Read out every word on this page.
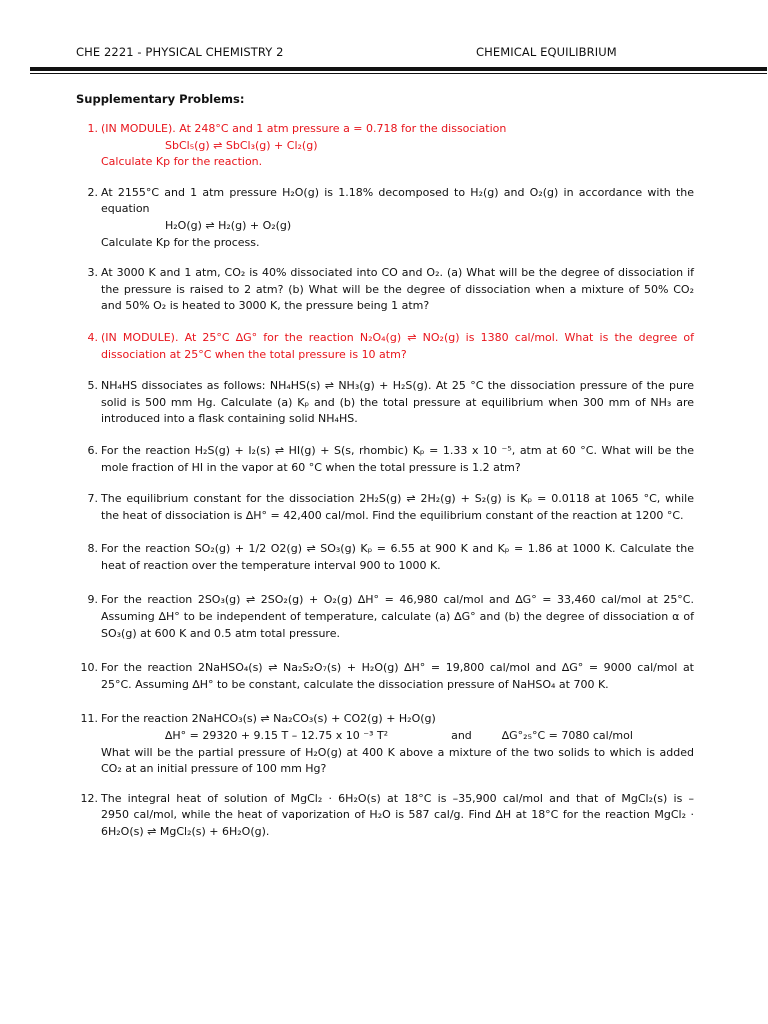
CHE 2221 - PHYSICAL CHEMISTRY 2	CHEMICAL EQUILIBRIUM
Supplementary Problems:
1. (IN MODULE). At 248°C and 1 atm pressure a = 0.718 for the dissociation
SbCl₅(g) ⇌ SbCl₃(g) + Cl₂(g)
Calculate Kp for the reaction.
2. At 2155°C and 1 atm pressure H₂O(g) is 1.18% decomposed to H₂(g) and O₂(g) in accordance with the
equation
H₂O(g) ⇌ H₂(g) + O₂(g)
Calculate Kp for the process.
3. At 3000 K and 1 atm, CO₂ is 40% dissociated into CO and O₂. (a) What will be the degree of dissociation if
the pressure is raised to 2 atm? (b) What will be the degree of dissociation when a mixture of 50% CO₂
and 50% O₂ is heated to 3000 K, the pressure being 1 atm?
4. (IN MODULE). At 25°C ∆G° for the reaction N₂O₄(g) ⇌ NO₂(g) is 1380 cal/mol. What is the degree of
dissociation at 25°C when the total pressure is 10 atm?
5. NH₄HS dissociates as follows: NH₄HS(s) ⇌ NH₃(g) + H₂S(g). At 25 °C the dissociation pressure of the pure
solid is 500 mm Hg. Calculate (a) Kₚ and (b) the total pressure at equilibrium when 300 mm of NH₃ are
introduced into a flask containing solid NH₄HS.
6. For the reaction H₂S(g) + I₂(s) ⇌ HI(g) + S(s, rhombic) Kₚ = 1.33 x 10 ⁻⁵, atm at 60 °C. What will be the
mole fraction of HI in the vapor at 60 °C when the total pressure is 1.2 atm?
7. The equilibrium constant for the dissociation 2H₂S(g) ⇌ 2H₂(g) + S₂(g) is Kₚ = 0.0118 at 1065 °C, while
the heat of dissociation is ∆H° = 42,400 cal/mol. Find the equilibrium constant of the reaction at 1200 °C.
8. For the reaction SO₂(g) + 1/2 O2(g) ⇌ SO₃(g) Kₚ = 6.55 at 900 K and Kₚ = 1.86 at 1000 K. Calculate the
heat of reaction over the temperature interval 900 to 1000 K.
9. For the reaction 2SO₃(g) ⇌ 2SO₂(g) + O₂(g) ∆H° = 46,980 cal/mol and ∆G° = 33,460 cal/mol at 25°C.
Assuming ∆H° to be independent of temperature, calculate (a) ∆G° and (b) the degree of dissociation α of
SO₃(g) at 600 K and 0.5 atm total pressure.
10. For the reaction 2NaHSO₄(s) ⇌ Na₂S₂O₇(s) + H₂O(g) ∆H° = 19,800 cal/mol and ∆G° = 9000 cal/mol at
25°C. Assuming ∆H° to be constant, calculate the dissociation pressure of NaHSO₄ at 700 K.
11. For the reaction 2NaHCO₃(s) ⇌ Na₂CO₃(s) + CO2(g) + H₂O(g)
∆H° = 29320 + 9.15 T – 12.75 x 10 ⁻³ T²	and	∆G°₂₅°C = 7080 cal/mol
What will be the partial pressure of H₂O(g) at 400 K above a mixture of the two solids to which is added
CO₂ at an initial pressure of 100 mm Hg?
12. The integral heat of solution of MgCl₂ · 6H₂O(s) at 18°C is –35,900 cal/mol and that of MgCl₂(s) is –
2950 cal/mol, while the heat of vaporization of H₂O is 587 cal/g. Find ∆H at 18°C for the reaction MgCl₂ ·
6H₂O(s) ⇌ MgCl₂(s) + 6H₂O(g).
